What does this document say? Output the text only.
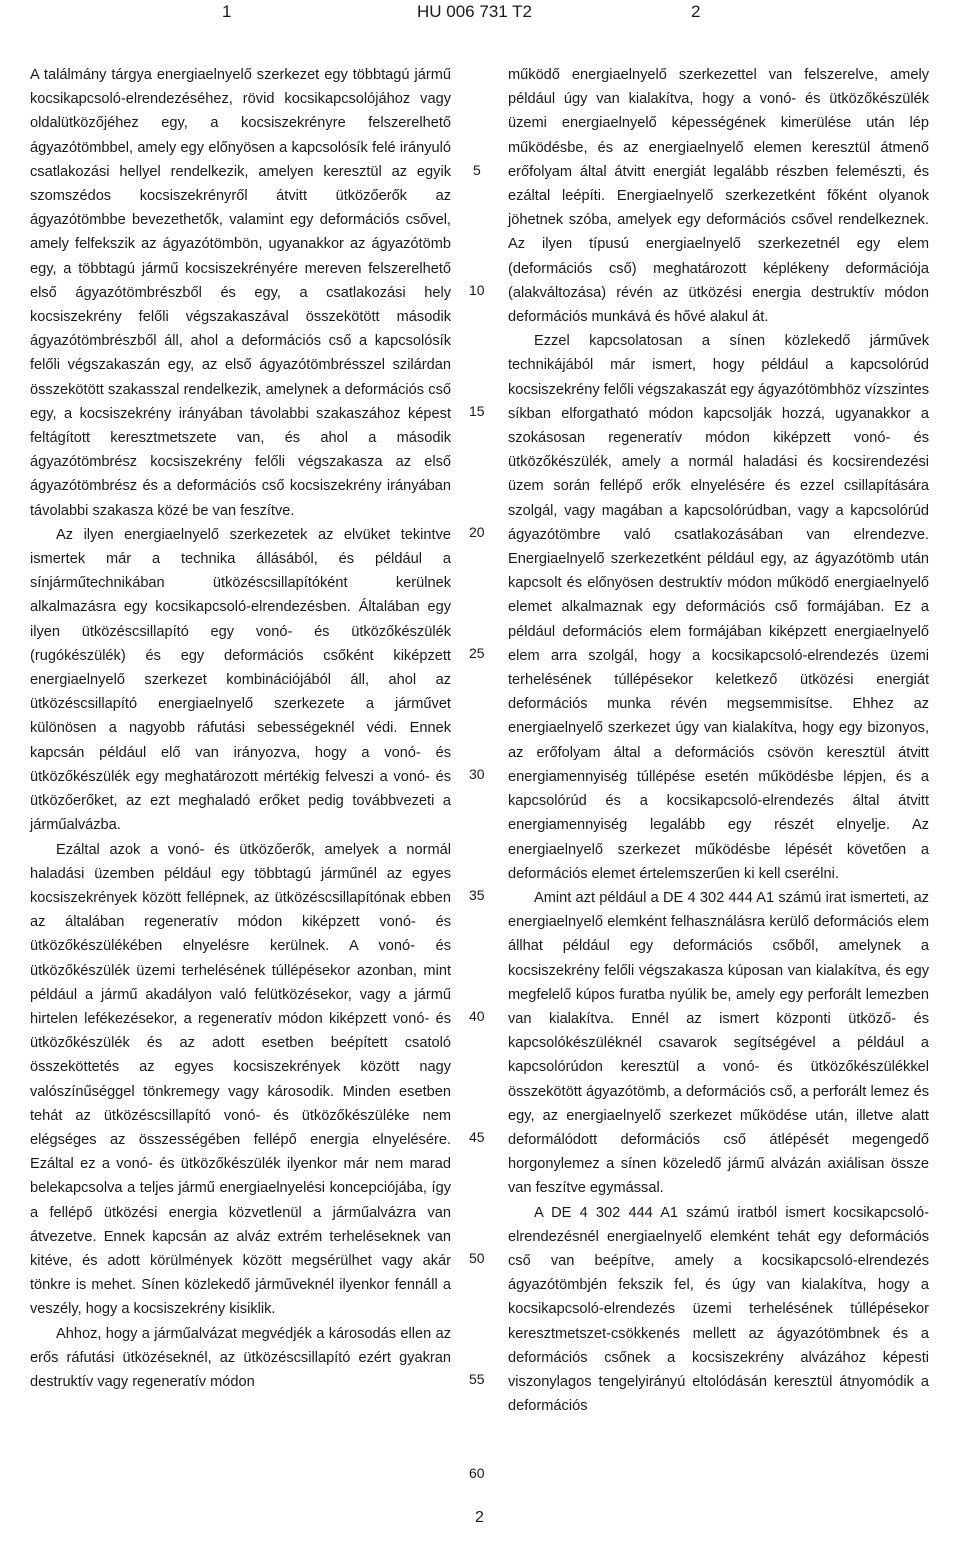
1	HU 006 731 T2	2

A találmány tárgya energiaelnyelő szerkezet egy többtagú jármű kocsikapcsoló-elrendezéséhez, rövid kocsikapcsolójához vagy oldalütközőjéhez egy, a kocsiszekrényre felszerelhető ágyazótömbbel, amely egy előnyösen a kapcsolósík felé irányuló csatlakozási hellyel rendelkezik, amelyen keresztül az egyik szomszédos kocsiszekrényről átvitt ütközőerők az ágyazótömbbe bevezethetők, valamint egy deformációs csővel, amely felfekszik az ágyazótömbön, ugyanakkor az ágyazótömb egy, a többtagú jármű kocsiszekrényére mereven felszerelhető első ágyazótömbrészből és egy, a csatlakozási hely kocsiszekrény felőli végszakaszával összekötött második ágyazótömbrészből áll, ahol a deformációs cső a kapcsolósík felőli végszakaszán egy, az első ágyazótömbrésszel szilárdan összekötött szakasszal rendelkezik, amelynek a deformációs cső egy, a kocsiszekrény irányában távolabbi szakaszához képest feltágított keresztmetszete van, és ahol a második ágyazótömbrész kocsiszekrény felőli végszakasza az első ágyazótömbrész és a deformációs cső kocsiszekrény irányában távolabbi szakasza közé be van feszítve.

Az ilyen energiaelnyelő szerkezetek az elvüket tekintve ismertek már a technika állásából, és például a sínjárműtechnikában ütközéscsillapítóként kerülnek alkalmazásra egy kocsikapcsoló-elrendezésben. Általában egy ilyen ütközéscsillapító egy vonó- és ütközőkészülék (rugókészülék) és egy deformációs csőként kiképzett energiaelnyelő szerkezet kombinációjából áll, ahol az ütközéscsillapító energiaelnyelő szerkezete a járművet különösen a nagyobb ráfutási sebességeknél védi. Ennek kapcsán például elő van irányozva, hogy a vonó- és ütközőkészülék egy meghatározott mértékig felveszi a vonó- és ütközőerőket, az ezt meghaladó erőket pedig továbbvezeti a járműalvázba.

Ezáltal azok a vonó- és ütközőerők, amelyek a normál haladási üzemben például egy többtagú járműnél az egyes kocsiszekrények között fellépnek, az ütközéscsillapítónak ebben az általában regeneratív módon kiképzett vonó- és ütközőkészülékében elnyelésre kerülnek. A vonó- és ütközőkészülék üzemi terhelésének túllépésekor azonban, mint például a jármű akadályon való felütközésekor, vagy a jármű hirtelen lefékezésekor, a regeneratív módon kiképzett vonó- és ütközőkészülék és az adott esetben beépített csatoló összeköttetés az egyes kocsiszekrények között nagy valószínűséggel tönkremegy vagy károsodik. Minden esetben tehát az ütközéscsillapító vonó- és ütközőkészüléke nem elégséges az összességében fellépő energia elnyelésére. Ezáltal ez a vonó- és ütközőkészülék ilyenkor már nem marad belekapcsolva a teljes jármű energiaelnyelési koncepciójába, így a fellépő ütközési energia közvetlenül a járműalvázra van átvezetve. Ennek kapcsán az alváz extrém terheléseknek van kitéve, és adott körülmények között megsérülhet vagy akár tönkre is mehet. Sínen közlekedő járműveknél ilyenkor fennáll a veszély, hogy a kocsiszekrény kisiklik.

Ahhoz, hogy a járműalvázat megvédjék a károsodás ellen az erős ráfutási ütközéseknél, az ütközéscsillapító ezért gyakran destruktív vagy regeneratív módon

5
10
15
20
25
30
35
40
45
50
55
60

működő energiaelnyelő szerkezettel van felszerelve, amely például úgy van kialakítva, hogy a vonó- és ütközőkészülék üzemi energiaelnyelő képességének kimerülése után lép működésbe, és az energiaelnyelő elemen keresztül átmenő erőfolyam által átvitt energiát legalább részben felemészti, és ezáltal leépíti. Energiaelnyelő szerkezetként főként olyanok jöhetnek szóba, amelyek egy deformációs csővel rendelkeznek. Az ilyen típusú energiaelnyelő szerkezetnél egy elem (deformációs cső) meghatározott képlékeny deformációja (alakváltozása) révén az ütközési energia destruktív módon deformációs munkává és hővé alakul át.

Ezzel kapcsolatosan a sínen közlekedő járművek technikájából már ismert, hogy például a kapcsolórúd kocsiszekrény felőli végszakaszát egy ágyazótömbhöz vízszintes síkban elforgatható módon kapcsolják hozzá, ugyanakkor a szokásosan regeneratív módon kiképzett vonó- és ütközőkészülék, amely a normál haladási és kocsirendezési üzem során fellépő erők elnyelésére és ezzel csillapítására szolgál, vagy magában a kapcsolórúdban, vagy a kapcsolórúd ágyazótömbre való csatlakozásában van elrendezve. Energiaelnyelő szerkezetként például egy, az ágyazótömb után kapcsolt és előnyösen destruktív módon működő energiaelnyelő elemet alkalmaznak egy deformációs cső formájában. Ez a például deformációs elem formájában kiképzett energiaelnyelő elem arra szolgál, hogy a kocsikapcsoló-elrendezés üzemi terhelésének túllépésekor keletkező ütközési energiát deformációs munka révén megsemmisítse. Ehhez az energiaelnyelő szerkezet úgy van kialakítva, hogy egy bizonyos, az erőfolyam által a deformációs csövön keresztül átvitt energiamennyiség túllépése esetén működésbe lépjen, és a kapcsolórúd és a kocsikapcsoló-elrendezés által átvitt energiamennyiség legalább egy részét elnyelje. Az energiaelnyelő szerkezet működésbe lépését követően a deformációs elemet értelemszerűen ki kell cserélni.

Amint azt például a DE 4 302 444 A1 számú irat ismerteti, az energiaelnyelő elemként felhasználásra kerülő deformációs elem állhat például egy deformációs csőből, amelynek a kocsiszekrény felőli végszakasza kúposan van kialakítva, és egy megfelelő kúpos furatba nyúlik be, amely egy perforált lemezben van kialakítva. Ennél az ismert központi ütköző- és kapcsolókészüléknél csavarok segítségével a például a kapcsolórúdon keresztül a vonó- és ütközőkészülékkel összekötött ágyazótömb, a deformációs cső, a perforált lemez és egy, az energiaelnyelő szerkezet működése után, illetve alatt deformálódott deformációs cső átlépését megengedő horgonylemez a sínen közeledő jármű alvázán axiálisan össze van feszítve egymással.

A DE 4 302 444 A1 számú iratból ismert kocsikapcsoló-elrendezésnél energiaelnyelő elemként tehát egy deformációs cső van beépítve, amely a kocsikapcsoló-elrendezés ágyazótömbjén fekszik fel, és úgy van kialakítva, hogy a kocsikapcsoló-elrendezés üzemi terhelésének túllépésekor keresztmetszet-csökkenés mellett az ágyazótömbnek és a deformációs csőnek a kocsiszekrény alvázához képesti viszonylagos tengelyirányú eltolódásán keresztül átnyomódik a deformációs

2
